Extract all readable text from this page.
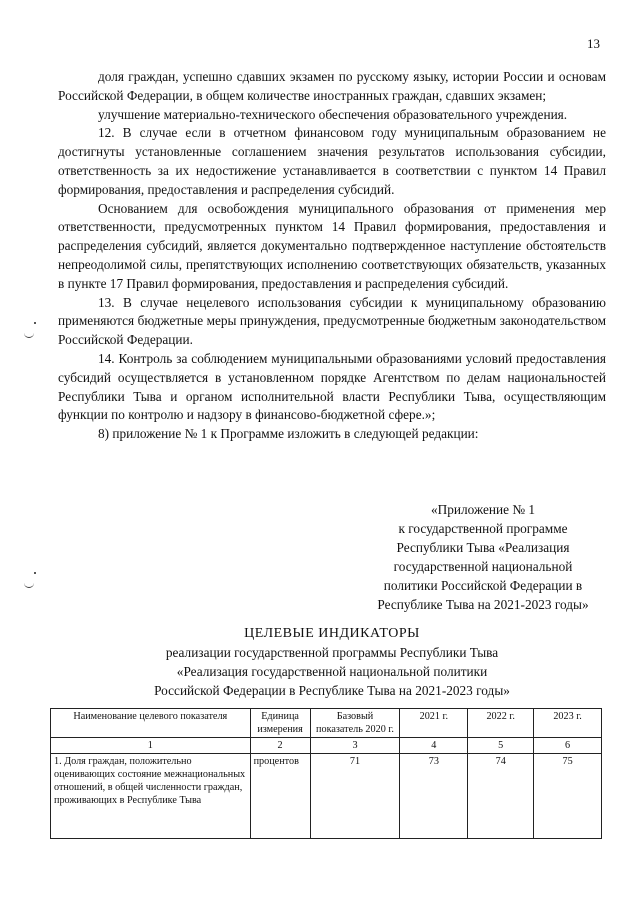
13

доля граждан, успешно сдавших экзамен по русскому языку, истории России и основам Российской Федерации, в общем количестве иностранных граждан, сдавших экзамен;

улучшение материально-технического обеспечения образовательного учреждения.

12. В случае если в отчетном финансовом году муниципальным образованием не достигнуты установленные соглашением значения результатов использования субсидии, ответственность за их недостижение устанавливается в соответствии с пунктом 14 Правил формирования, предоставления и распределения субсидий.

Основанием для освобождения муниципального образования от применения мер ответственности, предусмотренных пунктом 14 Правил формирования, предоставления и распределения субсидий, является документально подтвержденное наступление обстоятельств непреодолимой силы, препятствующих исполнению соответствующих обязательств, указанных в пункте 17 Правил формирования, предоставления и распределения субсидий.

13. В случае нецелевого использования субсидии к муниципальному образованию применяются бюджетные меры принуждения, предусмотренные бюджетным законодательством Российской Федерации.

14. Контроль за соблюдением муниципальными образованиями условий предоставления субсидий осуществляется в установленном порядке Агентством по делам национальностей Республики Тыва и органом исполнительной власти Республики Тыва, осуществляющим функции по контролю и надзору в финансово-бюджетной сфере.»;

8) приложение № 1 к Программе изложить в следующей редакции:

«Приложение № 1
к государственной программе
Республики Тыва «Реализация
государственной национальной
политики Российской Федерации в
Республике Тыва на 2021-2023 годы»
ЦЕЛЕВЫЕ ИНДИКАТОРЫ
реализации государственной программы Республики Тыва
«Реализация государственной национальной политики
Российской Федерации в Республике Тыва на 2021-2023 годы»
Наименование целевого показателя	Единица измерения	Базовый показатель 2020 г.	2021 г.	2022 г.	2023 г.
1	2	3	4	5	6
1. Доля граждан, положительно оценивающих состояние межнациональных отношений, в общей численности граждан, проживающих в Республике Тыва	процентов	71	73	74	75
